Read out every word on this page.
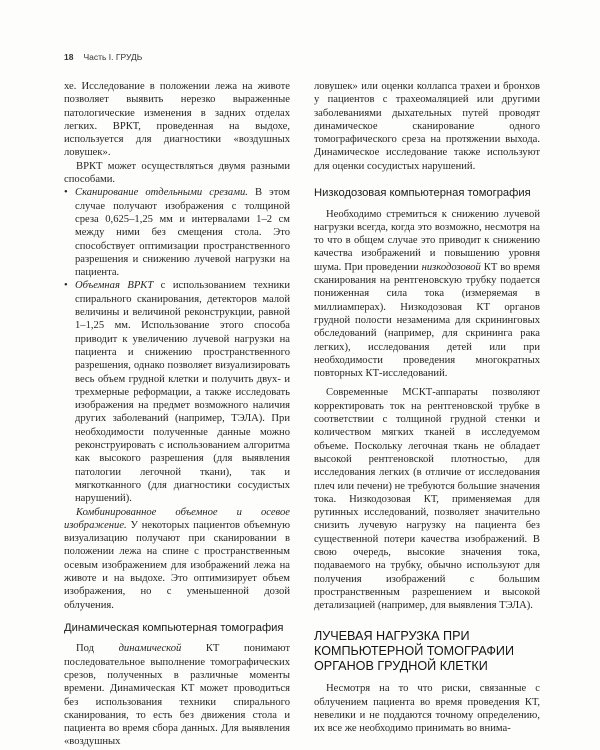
18 Часть I. ГРУДЬ

хе. Исследование в положении лежа на животе позволяет выявить нерезко выраженные патологические изменения в задних отделах легких. ВРКТ, проведенная на выдохе, используется для диагностики «воздушных ловушек».

ВРКТ может осуществляться двумя разными способами.

• Сканирование отдельными срезами. В этом случае получают изображения с толщиной среза 0,625–1,25 мм и интервалами 1–2 см между ними без смещения стола. Это способствует оптимизации пространственного разрешения и снижению лучевой нагрузки на пациента.
• Объемная ВРКТ с использованием техники спирального сканирования, детекторов малой величины и величиной реконструкции, равной 1–1,25 мм. Использование этого способа приводит к увеличению лучевой нагрузки на пациента и снижению пространственного разрешения, однако позволяет визуализировать весь объем грудной клетки и получить двух- и трехмерные реформации, а также исследовать изображения на предмет возможного наличия других заболеваний (например, ТЭЛА). При необходимости полученные данные можно реконструировать с использованием алгоритма как высокого разрешения (для выявления патологии легочной ткани), так и мягкотканного (для диагностики сосудистых нарушений).

Комбинированное объемное и осевое изображение. У некоторых пациентов объемную визуализацию получают при сканировании в положении лежа на спине с пространственным осевым изображением для изображений лежа на животе и на выдохе. Это оптимизирует объем изображения, но с уменьшенной дозой облучения.

Динамическая компьютерная томография

Под динамической КТ понимают последовательное выполнение томографических срезов, полученных в различные моменты времени. Динамическая КТ может проводиться без использования техники спирального сканирования, то есть без движения стола и пациента во время сбора данных. Для выявления «воздушных

ловушек» или оценки коллапса трахеи и бронхов у пациентов с трахеомаляцией или другими заболеваниями дыхательных путей проводят динамическое сканирование одного томографического среза на протяжении выхода. Динамическое исследование также используют для оценки сосудистых нарушений.

Низкодозовая компьютерная томография

Необходимо стремиться к снижению лучевой нагрузки всегда, когда это возможно, несмотря на то что в общем случае это приводит к снижению качества изображений и повышению уровня шума. При проведении низкодозовой КТ во время сканирования на рентгеновскую трубку подается пониженная сила тока (измеряемая в миллиамперах). Низкодозовая КТ органов грудной полости незаменима для скрининговых обследований (например, для скрининга рака легких), исследования детей или при необходимости проведения многократных повторных КТ-исследований.

Современные МСКТ-аппараты позволяют корректировать ток на рентгеновской трубке в соответствии с толщиной грудной стенки и количеством мягких тканей в исследуемом объеме. Поскольку легочная ткань не обладает высокой рентгеновской плотностью, для исследования легких (в отличие от исследования плеч или печени) не требуются большие значения тока. Низкодозовая КТ, применяемая для рутинных исследований, позволяет значительно снизить лучевую нагрузку на пациента без существенной потери качества изображений. В свою очередь, высокие значения тока, подаваемого на трубку, обычно используют для получения изображений с большим пространственным разрешением и высокой детализацией (например, для выявления ТЭЛА).

ЛУЧЕВАЯ НАГРУЗКА ПРИ КОМПЬЮТЕРНОЙ ТОМОГРАФИИ ОРГАНОВ ГРУДНОЙ КЛЕТКИ

Несмотря на то что риски, связанные с облучением пациента во время проведения КТ, невелики и не поддаются точному определению, их все же необходимо принимать во внима-
